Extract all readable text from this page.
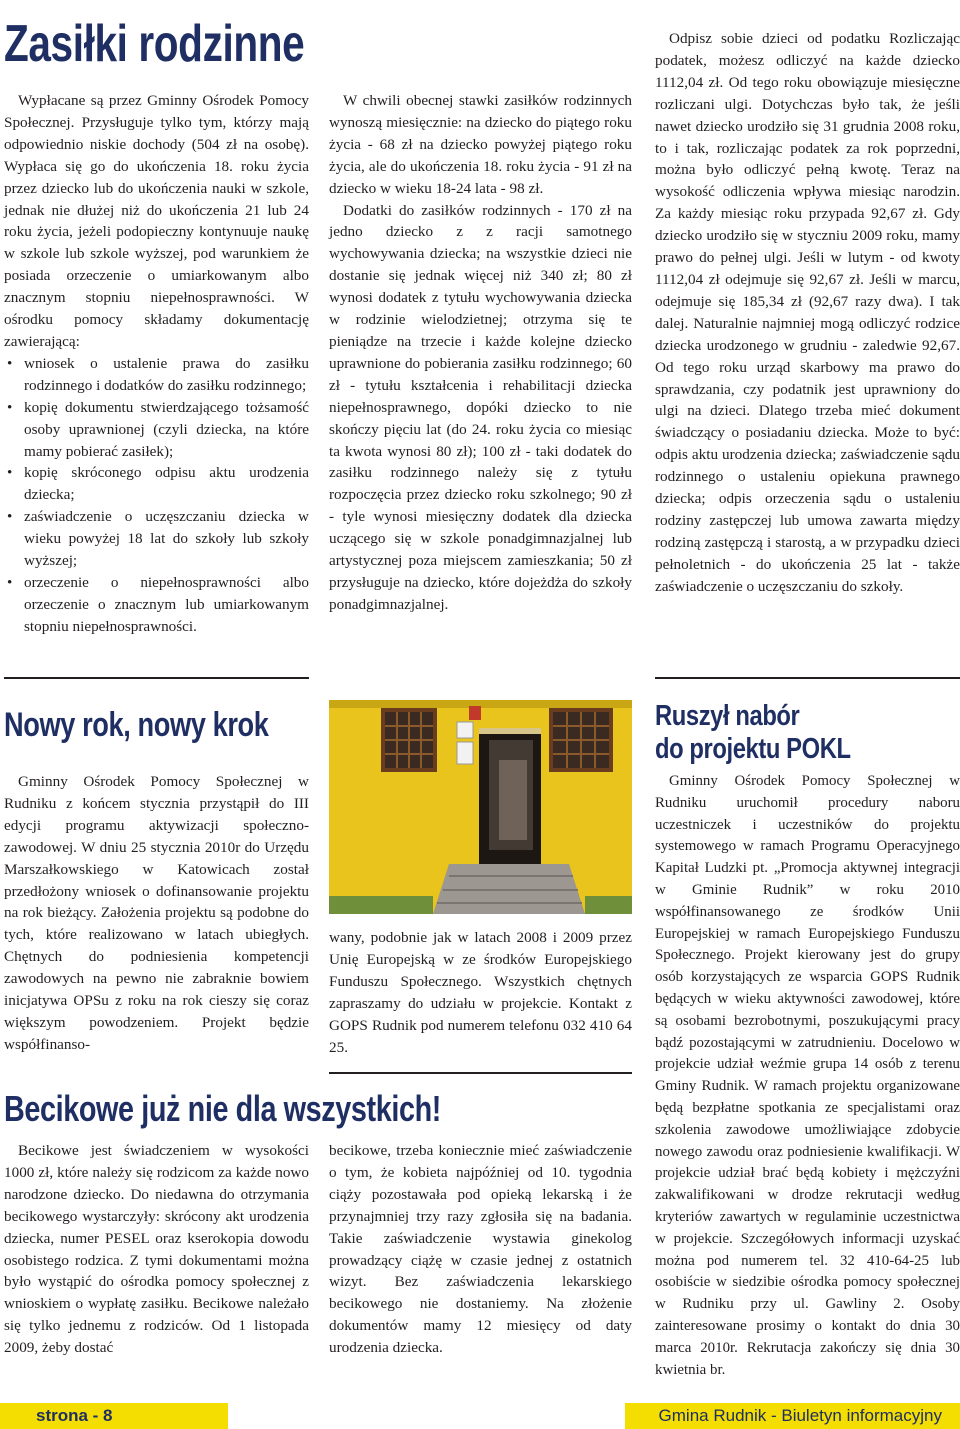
Zasiłki rodzinne

Wypłacane są przez Gminny Ośrodek Pomocy Społecznej. Przysługuje tylko tym, którzy mają odpowiednio niskie dochody (504 zł na osobę). Wypłaca się go do ukończenia 18. roku życia przez dziecko lub do ukończenia nauki w szkole, jednak nie dłużej niż do ukończenia 21 lub 24 roku życia, jeżeli podopieczny kontynuuje naukę w szkole lub szkole wyższej, pod warunkiem że posiada orzeczenie o umiarkowanym albo znacznym stopniu niepełnosprawności. W ośrodku pomocy składamy dokumentację zawierającą:

• wniosek o ustalenie prawa do zasiłku rodzinnego i dodatków do zasiłku rodzinnego;
• kopię dokumentu stwierdzającego tożsamość osoby uprawnionej (czyli dziecka, na które mamy pobierać zasiłek);
• kopię skróconego odpisu aktu urodzenia dziecka;
• zaświadczenie o uczęszczaniu dziecka w wieku powyżej 18 lat do szkoły lub szkoły wyższej;
• orzeczenie o niepełnosprawności albo orzeczenie o znacznym lub umiarkowanym stopniu niepełnosprawności.

W chwili obecnej stawki zasiłków rodzinnych wynoszą miesięcznie: na dziecko do piątego roku życia - 68 zł na dziecko powyżej piątego roku życia, ale do ukończenia 18. roku życia - 91 zł na dziecko w wieku 18-24 lata - 98 zł.

Dodatki do zasiłków rodzinnych - 170 zł na jedno dziecko z z racji samotnego wychowywania dziecka; na wszystkie dzieci nie dostanie się jednak więcej niż 340 zł; 80 zł wynosi dodatek z tytułu wychowywania dziecka w rodzinie wielodzietnej; otrzyma się te pieniądze na trzecie i każde kolejne dziecko uprawnione do pobierania zasiłku rodzinnego; 60 zł - tytułu kształcenia i rehabilitacji dziecka niepełnosprawnego, dopóki dziecko to nie skończy pięciu lat (do 24. roku życia co miesiąc ta kwota wynosi 80 zł); 100 zł - taki dodatek do zasiłku rodzinnego należy się z tytułu rozpoczęcia przez dziecko roku szkolnego; 90 zł - tyle wynosi miesięczny dodatek dla dziecka uczącego się w szkole ponadgimnazjalnej lub artystycznej poza miejscem zamieszkania; 50 zł przysługuje na dziecko, które dojeżdża do szkoły ponadgimnazjalnej.

Odpisz sobie dzieci od podatku Rozliczając podatek, możesz odliczyć na każde dziecko 1112,04 zł. Od tego roku obowiązuje miesięczne rozliczani ulgi. Dotychczas było tak, że jeśli nawet dziecko urodziło się 31 grudnia 2008 roku, to i tak, rozliczając podatek za rok poprzedni, można było odliczyć pełną kwotę. Teraz na wysokość odliczenia wpływa miesiąc narodzin. Za każdy miesiąc roku przypada 92,67 zł. Gdy dziecko urodziło się w styczniu 2009 roku, mamy prawo do pełnej ulgi. Jeśli w lutym - od kwoty 1112,04 zł odejmuje się 92,67 zł. Jeśli w marcu, odejmuje się 185,34 zł (92,67 razy dwa). I tak dalej. Naturalnie najmniej mogą odliczyć rodzice dziecka urodzonego w grudniu - zaledwie 92,67. Od tego roku urząd skarbowy ma prawo do sprawdzania, czy podatnik jest uprawniony do ulgi na dzieci. Dlatego trzeba mieć dokument świadczący o posiadaniu dziecka. Może to być: odpis aktu urodzenia dziecka; zaświadczenie sądu rodzinnego o ustaleniu opiekuna prawnego dziecka; odpis orzeczenia sądu o ustaleniu rodziny zastępczej lub umowa zawarta między rodziną zastępczą i starostą, a w przypadku dzieci pełnoletnich - do ukończenia 25 lat - także zaświadczenie o uczęszczaniu do szkoły.

Nowy rok, nowy krok

Gminny Ośrodek Pomocy Społecznej w Rudniku z końcem stycznia przystąpił do III edycji programu aktywizacji społeczno-zawodowej. W dniu 25 stycznia 2010r do Urzędu Marszałkowskiego w Katowicach został przedłożony wniosek o dofinansowanie projektu na rok bieżący. Założenia projektu są podobne do tych, które realizowano w latach ubiegłych. Chętnych do podniesienia kompetencji zawodowych na pewno nie zabraknie bowiem inicjatywa OPSu z roku na rok cieszy się coraz większym powodzeniem. Projekt będzie współfinanso-

wany, podobnie jak w latach 2008 i 2009 przez Unię Europejską w ze środków Europejskiego Funduszu Społecznego. Wszystkich chętnych zapraszamy do udziału w projekcie. Kontakt z GOPS Rudnik pod numerem telefonu 032 410 64 25.

Becikowe już nie dla wszystkich!

Becikowe jest świadczeniem w wysokości 1000 zł, które należy się rodzicom za każde nowo narodzone dziecko. Do niedawna do otrzymania becikowego wystarczyły: skrócony akt urodzenia dziecka, numer PESEL oraz kserokopia dowodu osobistego rodzica. Z tymi dokumentami można było wystąpić do ośrodka pomocy społecznej z wnioskiem o wypłatę zasiłku. Becikowe należało się tylko jednemu z rodziców. Od 1 listopada 2009, żeby dostać

becikowe, trzeba koniecznie mieć zaświadczenie o tym, że kobieta najpóźniej od 10. tygodnia ciąży pozostawała pod opieką lekarską i że przynajmniej trzy razy zgłosiła się na badania. Takie zaświadczenie wystawia ginekolog prowadzący ciążę w czasie jednej z ostatnich wizyt. Bez zaświadczenia lekarskiego becikowego nie dostaniemy. Na złożenie dokumentów mamy 12 miesięcy od daty urodzenia dziecka.

Ruszył nabór
do projektu POKL

Gminny Ośrodek Pomocy Społecznej w Rudniku uruchomił procedury naboru uczestniczek i uczestników do projektu systemowego w ramach Programu Operacyjnego Kapitał Ludzki pt. „Promocja aktywnej integracji w Gminie Rudnik” w roku 2010 współfinansowanego ze środków Unii Europejskiej w ramach Europejskiego Funduszu Społecznego. Projekt kierowany jest do grupy osób korzystających ze wsparcia GOPS Rudnik będących w wieku aktywności zawodowej, które są osobami bezrobotnymi, poszukującymi pracy bądź pozostającymi w zatrudnieniu. Docelowo w projekcie udział weźmie grupa 14 osób z terenu Gminy Rudnik. W ramach projektu organizowane będą bezpłatne spotkania ze specjalistami oraz szkolenia zawodowe umożliwiające zdobycie nowego zawodu oraz podniesienie kwalifikacji. W projekcie udział brać będą kobiety i mężczyźni zakwalifikowani w drodze rekrutacji według kryteriów zawartych w regulaminie uczestnictwa w projekcie. Szczegółowych informacji uzyskać można pod numerem tel. 32 410-64-25 lub osobiście w siedzibie ośrodka pomocy społecznej w Rudniku przy ul. Gawliny 2. Osoby zainteresowane prosimy o kontakt do dnia 30 marca 2010r. Rekrutacja zakończy się dnia 30 kwietnia br.

strona - 8	Gmina Rudnik - Biuletyn informacyjny
